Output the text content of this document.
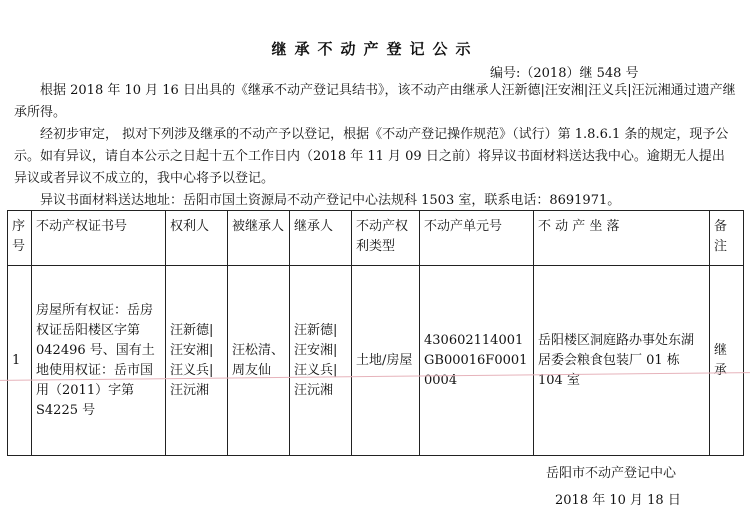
继承不动产登记公示
编号:（2018）继 548 号

根据 2018 年 10 月 16 日出具的《继承不动产登记具结书》，该不动产由继承人汪新德|汪安湘|汪义兵|汪沅湘通过遗产继承所得。

经初步审定， 拟对下列涉及继承的不动产予以登记，根据《不动产登记操作规范》（试行）第 1.8.6.1 条的规定，现予公示。如有异议，请自本公示之日起十五个工作日内（2018 年 11 月 09 日之前）将异议书面材料送达我中心。逾期无人提出异议或者异议不成立的，我中心将予以登记。

异议书面材料送达地址：岳阳市国土资源局不动产登记中心法规科 1503 室，联系电话：8691971。

序号	不动产权证书号	权利人	被继承人	继承人	不动产权利类型	不动产单元号	不 动 产 坐 落	备注
1	房屋所有权证：岳房权证岳阳楼区字第 042496 号、国有土地使用权证：岳市国用（2011）字第 S4225 号	汪新德|汪安湘|汪义兵|汪沅湘	汪松清、周友仙	汪新德|汪安湘|汪义兵|汪沅湘	土地/房屋	430602114001GB00016F00010004	岳阳楼区洞庭路办事处东湖居委会粮食包装厂 01 栋 104 室	继承
岳阳市不动产登记中心
2018 年 10 月 18 日
